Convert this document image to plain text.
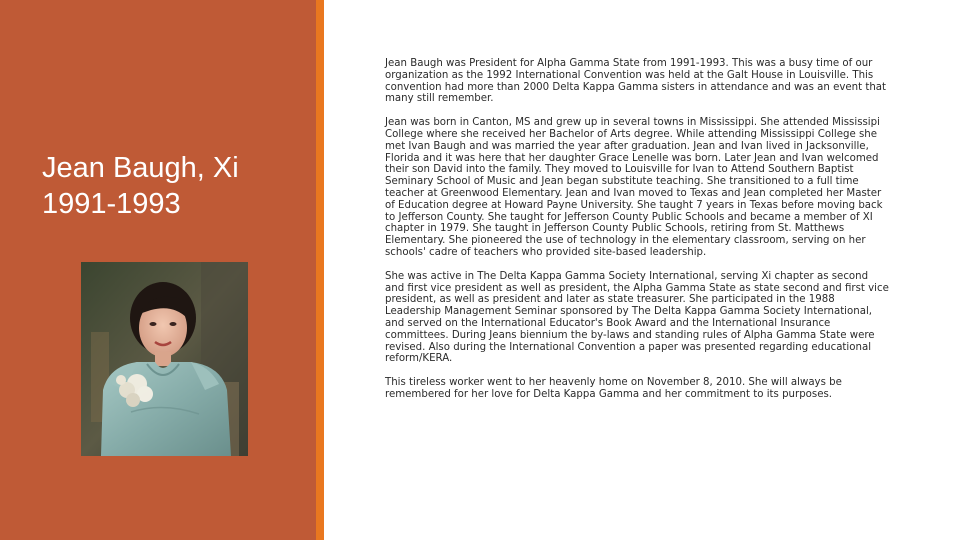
Jean Baugh, Xi
1991-1993

Jean Baugh was President for Alpha Gamma State from 1991-1993. This was a busy time of our organization as the 1992 International Convention was held at the Galt House in Louisville. This convention had more than 2000 Delta Kappa Gamma sisters in attendance and was an event that many still remember.

Jean was born in Canton, MS and grew up in several towns in Mississippi. She attended Mississipi College where she received her Bachelor of Arts degree. While attending Mississippi College she met Ivan Baugh and was married the year after graduation. Jean and Ivan lived in Jacksonville, Florida and it was here that her daughter Grace Lenelle was born. Later Jean and Ivan welcomed their son David into the family. They moved to Louisville for Ivan to Attend Southern Baptist Seminary School of Music and Jean began substitute teaching. She transitioned to a full time teacher at Greenwood Elementary. Jean and Ivan moved to Texas and Jean completed her Master of Education degree at Howard Payne University. She taught 7 years in Texas before moving back to Jefferson County. She taught for Jefferson County Public Schools and became a member of XI chapter in 1979. She taught in Jefferson County Public Schools, retiring from St. Matthews Elementary. She pioneered the use of technology in the elementary classroom, serving on her schools' cadre of teachers who provided site-based leadership.

She was active in The Delta Kappa Gamma Society International, serving Xi chapter as second and first vice president as well as president, the Alpha Gamma State as state second and first vice president, as well as president and later as state treasurer. She participated in the 1988 Leadership Management Seminar sponsored by The Delta Kappa Gamma Society International, and served on the International Educator's Book Award and the International Insurance committees. During Jeans biennium the by-laws and standing rules of Alpha Gamma State were revised. Also during the International Convention a paper was presented regarding educational reform/KERA.

This tireless worker went to her heavenly home on November 8, 2010. She will always be remembered for her love for Delta Kappa Gamma and her commitment to its purposes.
